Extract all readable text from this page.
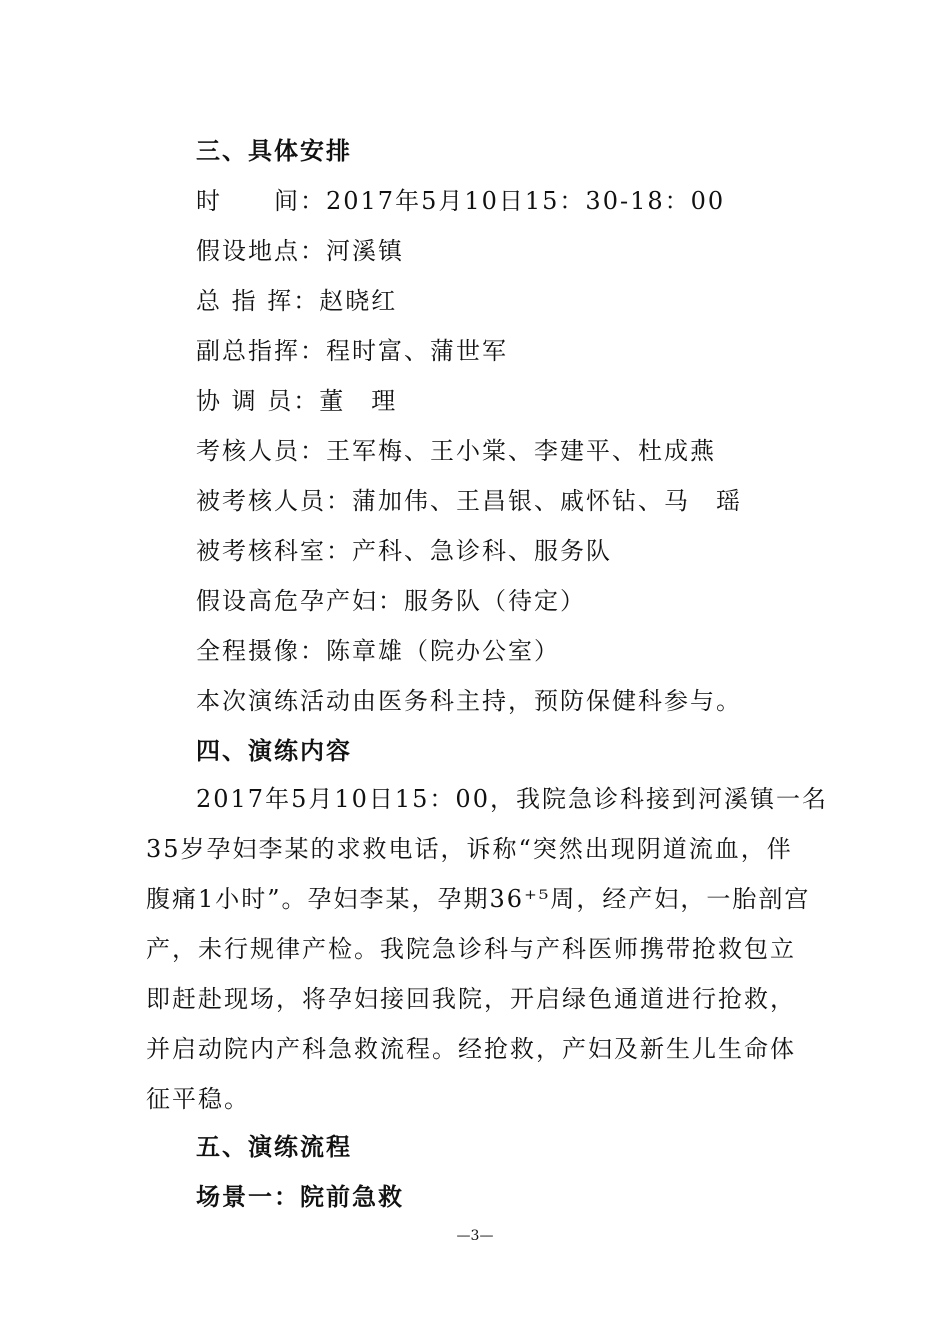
三、具体安排
时　　间：2017年5月10日15：30-18：00
假设地点：河溪镇
总 指 挥：赵晓红
副总指挥：程时富、蒲世军
协 调 员：董　理
考核人员：王军梅、王小棠、李建平、杜成燕
被考核人员：蒲加伟、王昌银、戚怀钻、马　瑶
被考核科室：产科、急诊科、服务队
假设高危孕产妇：服务队（待定）
全程摄像：陈章雄（院办公室）
本次演练活动由医务科主持，预防保健科参与。
四、演练内容

2017年5月10日15：00，我院急诊科接到河溪镇一名

35岁孕妇李某的求救电话，诉称“突然出现阴道流血，伴

腹痛1小时”。孕妇李某，孕期36⁺⁵周，经产妇，一胎剖宫

产，未行规律产检。我院急诊科与产科医师携带抢救包立

即赶赴现场，将孕妇接回我院，开启绿色通道进行抢救，

并启动院内产科急救流程。经抢救，产妇及新生儿生命体

征平稳。

五、演练流程
场景一：院前急救
—3—
